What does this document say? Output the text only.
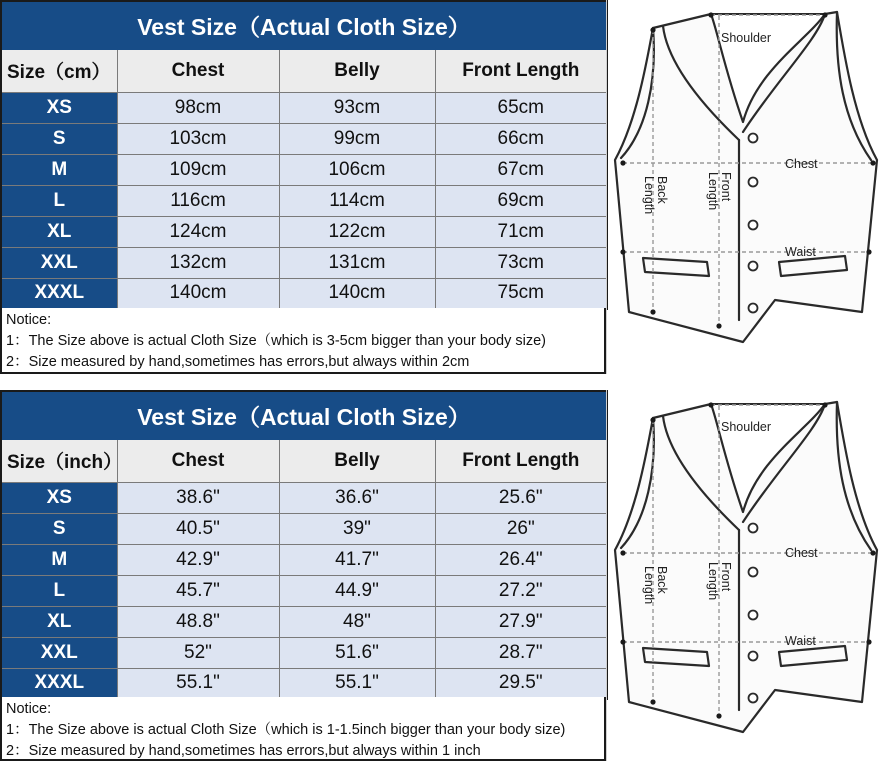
Vest Size（Actual Cloth Size）			
Size（cm）	Chest	Belly	Front Length
XS	98cm	93cm	65cm
S	103cm	99cm	66cm
M	109cm	106cm	67cm
L	116cm	114cm	69cm
XL	124cm	122cm	71cm
XXL	132cm	131cm	73cm
XXXL	140cm	140cm	75cm
Notice:
1：The Size above is actual Cloth Size（which is 3-5cm bigger than your body size)
2：Size measured by hand,sometimes has errors,but always within 2cm
Vest Size（Actual Cloth Size）			
Size（inch）	Chest	Belly	Front Length
XS	38.6"	36.6"	25.6"
S	40.5"	39"	26"
M	42.9"	41.7"	26.4"
L	45.7"	44.9"	27.2"
XL	48.8"	48"	27.9"
XXL	52"	51.6"	28.7"
XXXL	55.1"	55.1"	29.5"
Notice:
1：The Size above is actual Cloth Size（which is 1-1.5inch bigger than your body size)
2：Size measured by hand,sometimes has errors,but always within 1 inch
Shoulder
Chest
Waist
Back Length	Front Length
Shoulder
Chest
Waist
Back Length	Front Length
